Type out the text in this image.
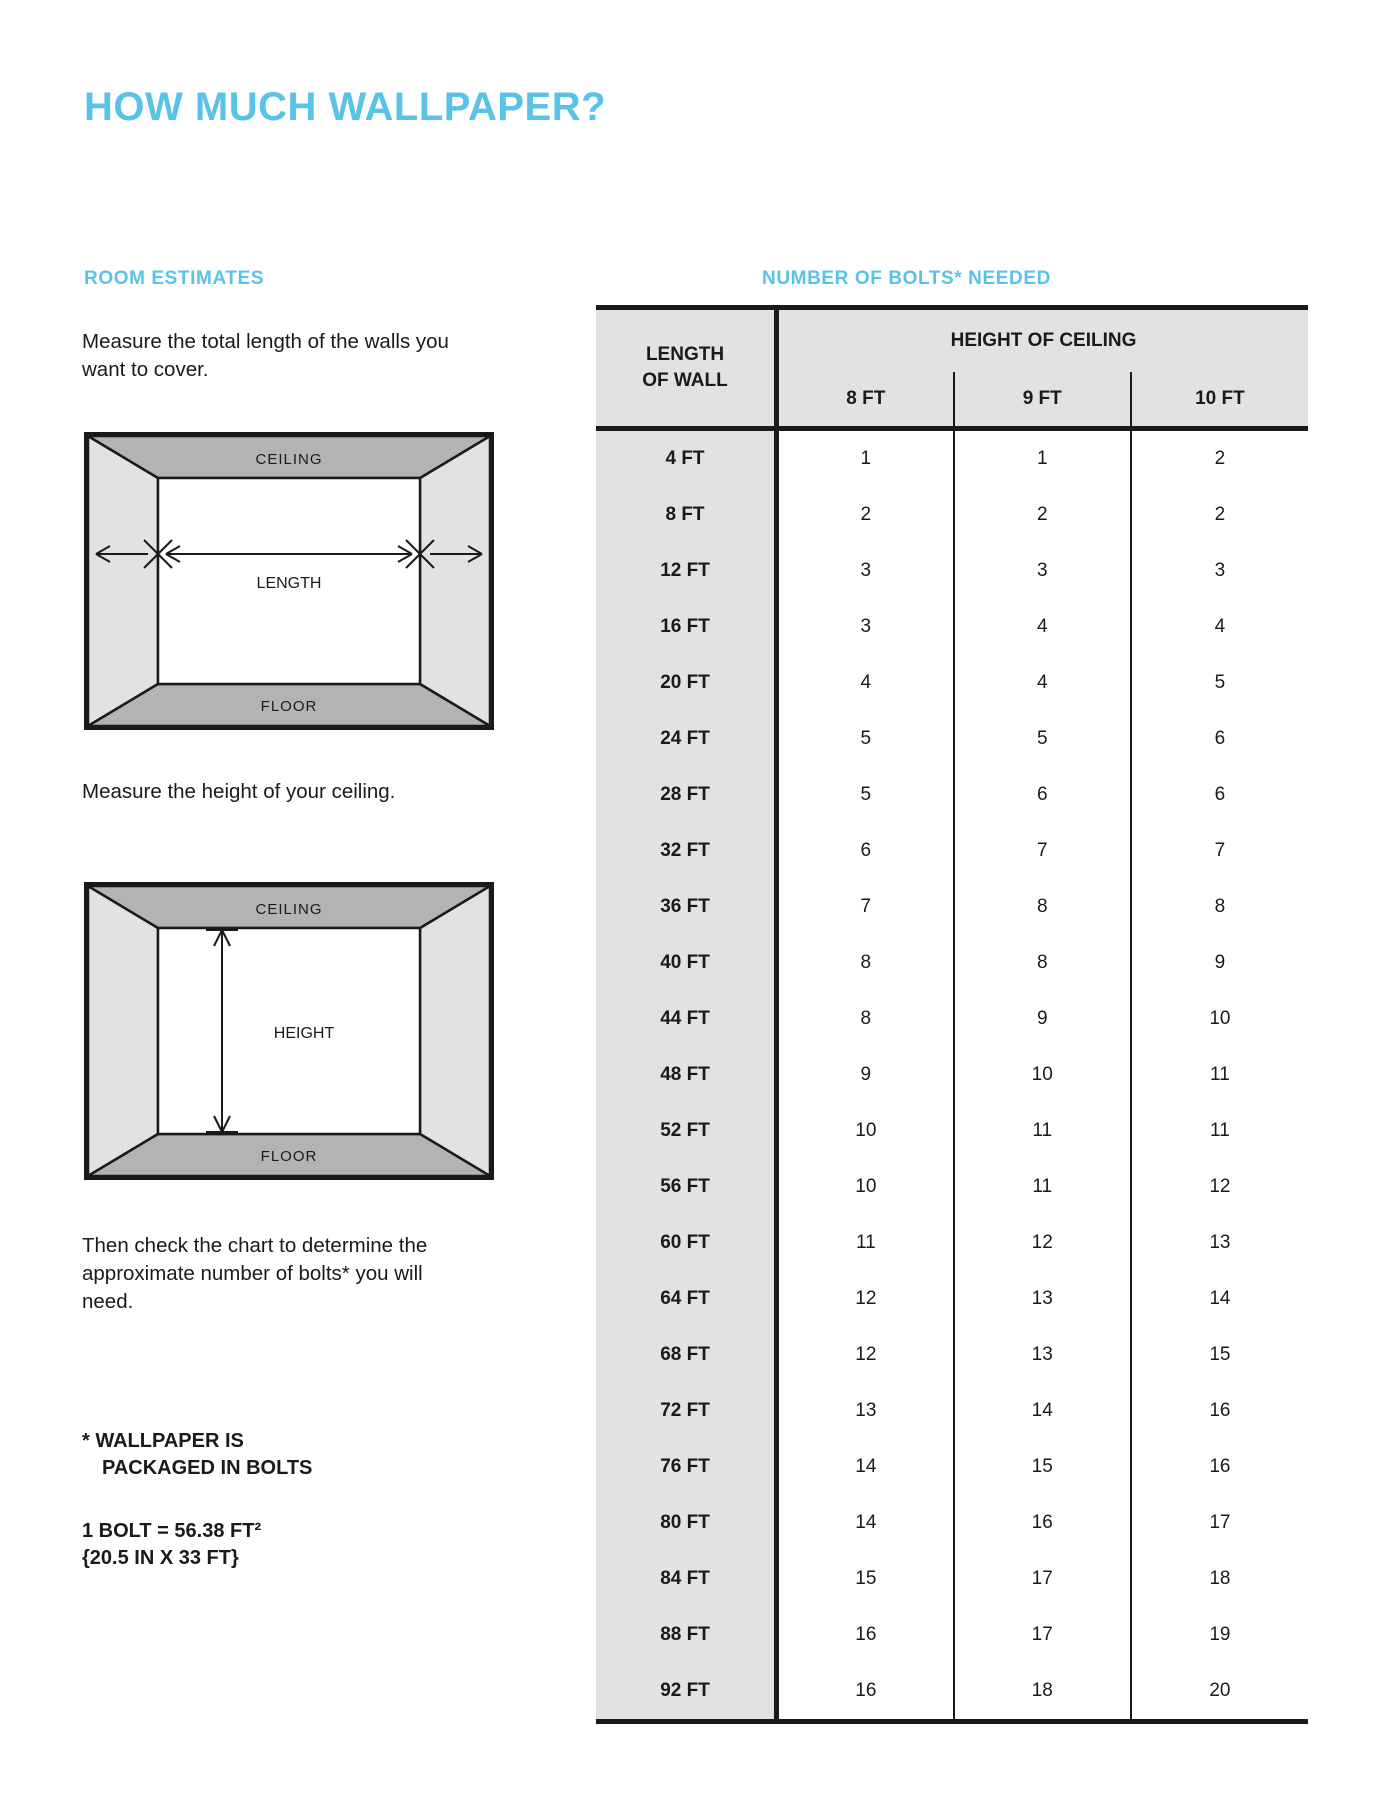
HOW MUCH WALLPAPER?
ROOM ESTIMATES	NUMBER OF BOLTS* NEEDED
Measure the total length of the walls you want to cover.
Measure the height of your ceiling.
Then check the chart to determine the approximate number of bolts* you will need.
* WALLPAPER IS

PACKAGED IN BOLTS
1 BOLT = 56.38 FT²
{20.5 IN X 33 FT}
CEILING
FLOOR
LENGTH
CEILING
FLOOR
HEIGHT
LENGTH
OF WALL	HEIGHT OF CEILING		
	8 FT	9 FT	10 FT
4 FT	1	1	2
8 FT	2	2	2
12 FT	3	3	3
16 FT	3	4	4
20 FT	4	4	5
24 FT	5	5	6
28 FT	5	6	6
32 FT	6	7	7
36 FT	7	8	8
40 FT	8	8	9
44 FT	8	9	10
48 FT	9	10	11
52 FT	10	11	11
56 FT	10	11	12
60 FT	11	12	13
64 FT	12	13	14
68 FT	12	13	15
72 FT	13	14	16
76 FT	14	15	16
80 FT	14	16	17
84 FT	15	17	18
88 FT	16	17	19
92 FT	16	18	20
